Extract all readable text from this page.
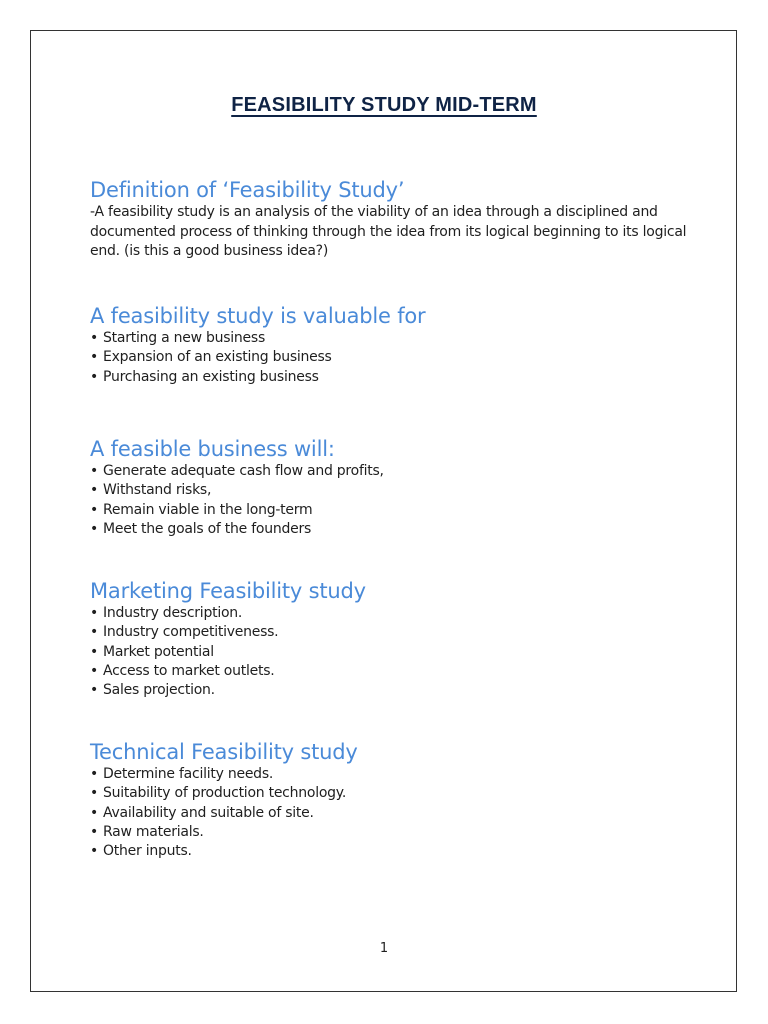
FEASIBILITY STUDY MID-TERM
Definition of ‘Feasibility Study’

-A feasibility study is an analysis of the viability of an idea through a disciplined and documented process of thinking through the idea from its logical beginning to its logical end. (is this a good business idea?)

A feasibility study is valuable for
• Starting a new business
• Expansion of an existing business
• Purchasing an existing business
A feasible business will:
• Generate adequate cash flow and profits,
• Withstand risks,
• Remain viable in the long-term
• Meet the goals of the founders
Marketing Feasibility study
• Industry description.
• Industry competitiveness.
• Market potential
• Access to market outlets.
• Sales projection.
Technical Feasibility study
• Determine facility needs.
• Suitability of production technology.
• Availability and suitable of site.
• Raw materials.
• Other inputs.
1
